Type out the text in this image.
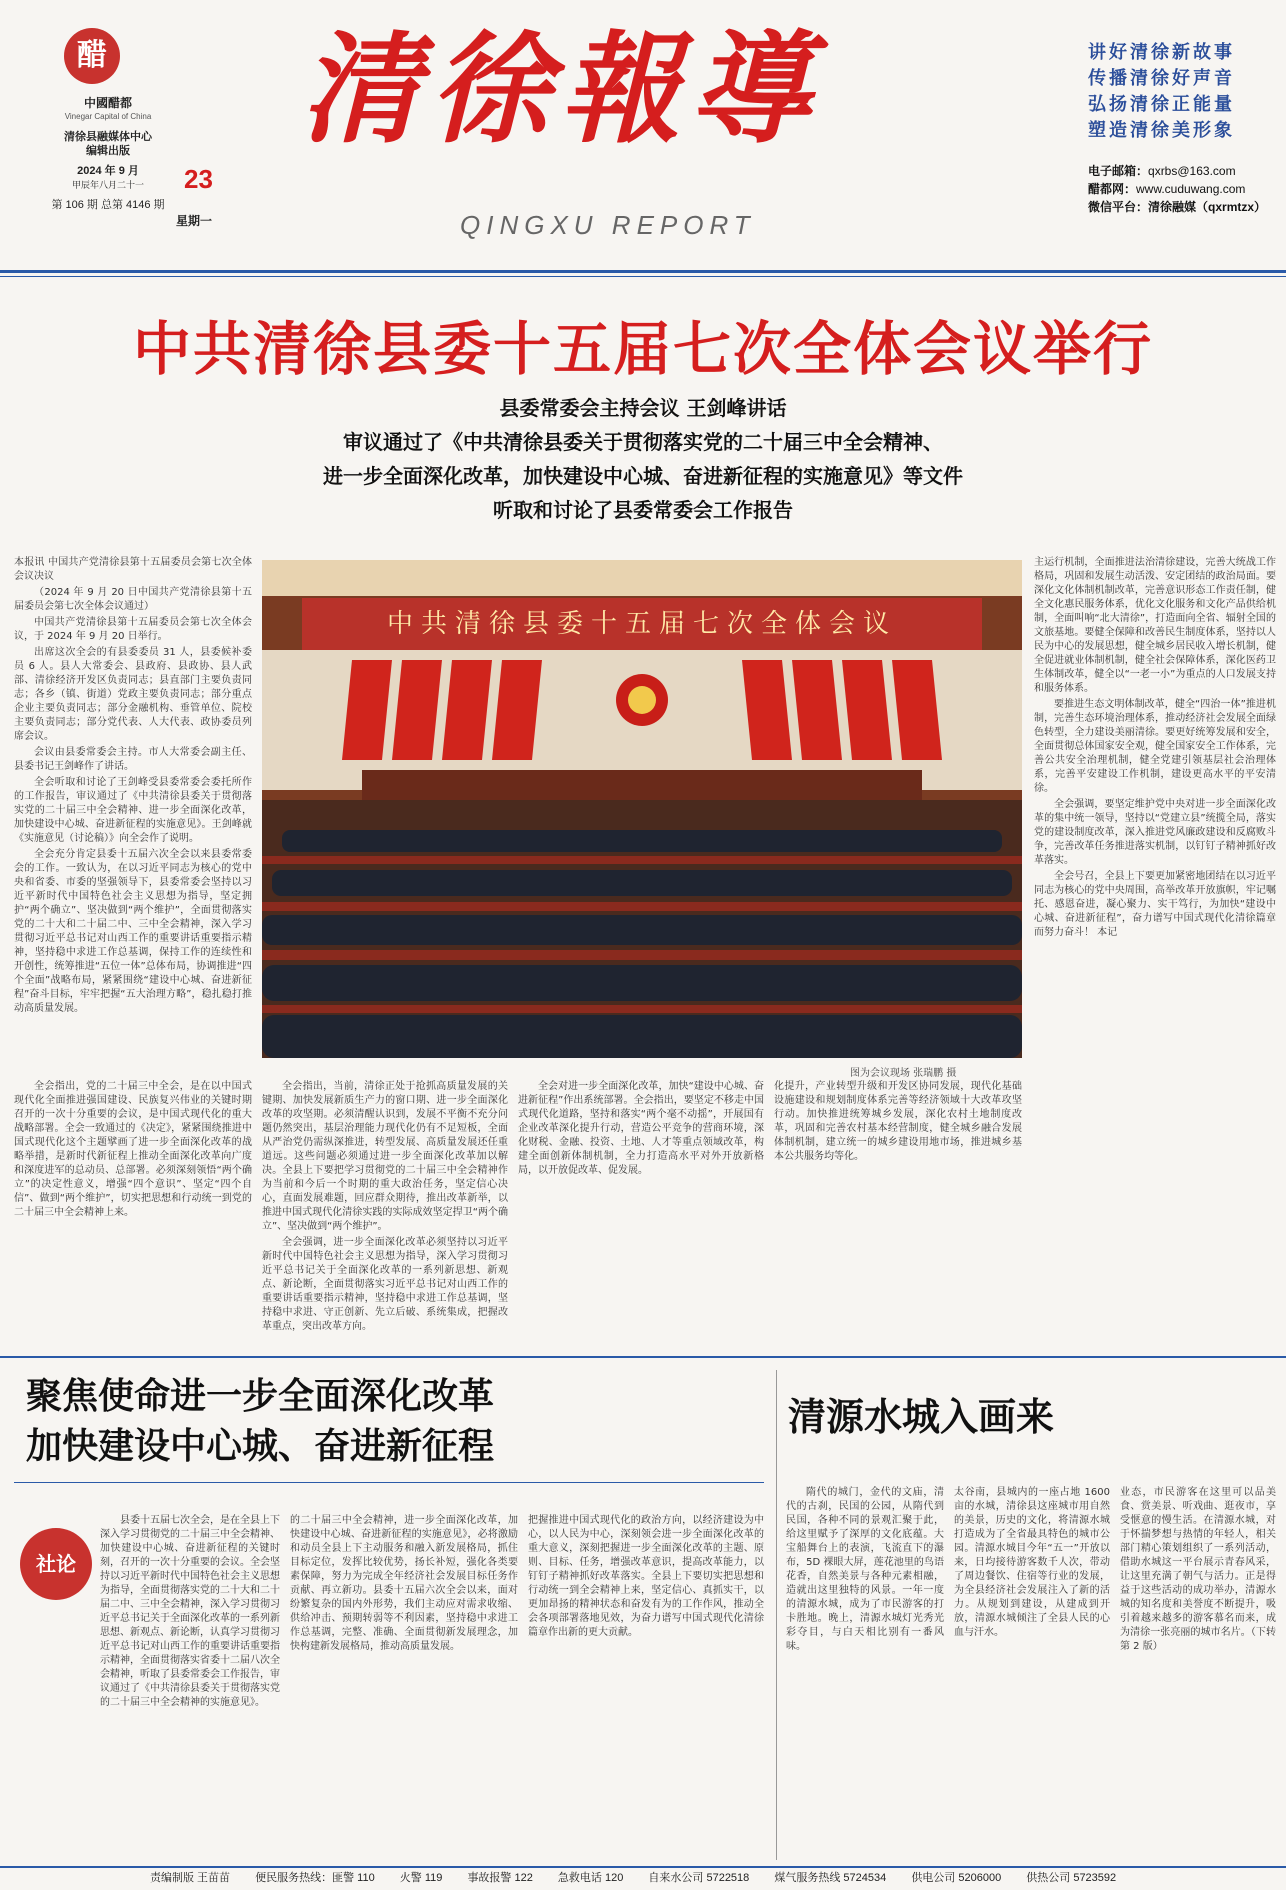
醋
中國醋都
Vinegar Capital of China
清徐县融媒体中心
编辑出版
2024 年 9 月
甲辰年八月二十一
第 106 期 总第 4146 期
23
星期一
清徐報導
QINGXU REPORT
讲好清徐新故事
传播清徐好声音
弘扬清徐正能量
塑造清徐美形象
电子邮箱：qxrbs@163.com
醋都网：www.cuduwang.com
微信平台：清徐融媒（qxrmtzx）
中共清徐县委十五届七次全体会议举行
县委常委会主持会议 王剑峰讲话
审议通过了《中共清徐县委关于贯彻落实党的二十届三中全会精神、
进一步全面深化改革，加快建设中心城、奋进新征程的实施意见》等文件
听取和讨论了县委常委会工作报告

本报讯 中国共产党清徐县第十五届委员会第七次全体会议决议

（2024 年 9 月 20 日中国共产党清徐县第十五届委员会第七次全体会议通过）

中国共产党清徐县第十五届委员会第七次全体会议，于 2024 年 9 月 20 日举行。

出席这次全会的有县委委员 31 人，县委候补委员 6 人。县人大常委会、县政府、县政协、县人武部、清徐经济开发区负责同志；县直部门主要负责同志；各乡（镇、街道）党政主要负责同志；部分重点企业主要负责同志；部分金融机构、垂管单位、院校主要负责同志；部分党代表、人大代表、政协委员列席会议。

会议由县委常委会主持。市人大常委会副主任、县委书记王剑峰作了讲话。

全会听取和讨论了王剑峰受县委常委会委托所作的工作报告，审议通过了《中共清徐县委关于贯彻落实党的二十届三中全会精神、进一步全面深化改革，加快建设中心城、奋进新征程的实施意见》。王剑峰就《实施意见（讨论稿）》向全会作了说明。

全会充分肯定县委十五届六次全会以来县委常委会的工作。一致认为，在以习近平同志为核心的党中央和省委、市委的坚强领导下，县委常委会坚持以习近平新时代中国特色社会主义思想为指导，坚定拥护“两个确立”、坚决做到“两个维护”，全面贯彻落实党的二十大和二十届二中、三中全会精神，深入学习贯彻习近平总书记对山西工作的重要讲话重要指示精神，坚持稳中求进工作总基调，保持工作的连续性和开创性，统筹推进“五位一体”总体布局，协调推进“四个全面”战略布局，紧紧围绕“建设中心城、奋进新征程”奋斗目标，牢牢把握“五大治理方略”，稳扎稳打推动高质量发展。

中共清徐县委十五届七次全体会议
图为会议现场 张瑞鹏 摄

主运行机制，全面推进法治清徐建设，完善大统战工作格局，巩固和发展生动活泼、安定团结的政治局面。要深化文化体制机制改革，完善意识形态工作责任制，健全文化惠民服务体系，优化文化服务和文化产品供给机制，全面叫响“北大清徐”，打造面向全省、辐射全国的文旅基地。要健全保障和改善民生制度体系，坚持以人民为中心的发展思想，健全城乡居民收入增长机制，健全促进就业体制机制，健全社会保障体系，深化医药卫生体制改革，健全以“一老一小”为重点的人口发展支持和服务体系。

要推进生态文明体制改革，健全“四治一体”推进机制，完善生态环境治理体系，推动经济社会发展全面绿色转型，全力建设美丽清徐。要更好统筹发展和安全，全面贯彻总体国家安全观，健全国家安全工作体系，完善公共安全治理机制，健全党建引领基层社会治理体系，完善平安建设工作机制，建设更高水平的平安清徐。

全会强调，要坚定维护党中央对进一步全面深化改革的集中统一领导，坚持以“党建立县”统揽全局，落实党的建设制度改革，深入推进党风廉政建设和反腐败斗争，完善改革任务推进落实机制，以钉钉子精神抓好改革落实。

全会号召，全县上下要更加紧密地团结在以习近平同志为核心的党中央周围，高举改革开放旗帜，牢记嘱托、感恩奋进，凝心聚力、实干笃行，为加快“建设中心城、奋进新征程”，奋力谱写中国式现代化清徐篇章而努力奋斗！ 本记

全会指出，党的二十届三中全会，是在以中国式现代化全面推进强国建设、民族复兴伟业的关键时期召开的一次十分重要的会议，是中国式现代化的重大战略部署。全会一致通过的《决定》，紧紧围绕推进中国式现代化这个主题擘画了进一步全面深化改革的战略举措，是新时代新征程上推动全面深化改革向广度和深度进军的总动员、总部署。必须深刻领悟“两个确立”的决定性意义，增强“四个意识”、坚定“四个自信”、做到“两个维护”，切实把思想和行动统一到党的二十届三中全会精神上来。

全会指出，当前，清徐正处于抢抓高质量发展的关键期、加快发展新质生产力的窗口期、进一步全面深化改革的攻坚期。必须清醒认识到，发展不平衡不充分问题仍然突出，基层治理能力现代化仍有不足短板，全面从严治党仍需纵深推进，转型发展、高质量发展还任重道远。这些问题必须通过进一步全面深化改革加以解决。全县上下要把学习贯彻党的二十届三中全会精神作为当前和今后一个时期的重大政治任务，坚定信心决心，直面发展难题，回应群众期待，推出改革新举，以推进中国式现代化清徐实践的实际成效坚定捍卫“两个确立”、坚决做到“两个维护”。

全会强调，进一步全面深化改革必须坚持以习近平新时代中国特色社会主义思想为指导，深入学习贯彻习近平总书记关于全面深化改革的一系列新思想、新观点、新论断，全面贯彻落实习近平总书记对山西工作的重要讲话重要指示精神，坚持稳中求进工作总基调，坚持稳中求进、守正创新、先立后破、系统集成，把握改革重点，突出改革方向。

全会对进一步全面深化改革，加快“建设中心城、奋进新征程”作出系统部署。全会指出，要坚定不移走中国式现代化道路，坚持和落实“两个毫不动摇”，开展国有企业改革深化提升行动，营造公平竞争的营商环境，深化财税、金融、投资、土地、人才等重点领域改革，构建全面创新体制机制，全力打造高水平对外开放新格局，以开放促改革、促发展。

化提升，产业转型升级和开发区协同发展，现代化基础设施建设和规划制度体系完善等经济领域十大改革攻坚行动。加快推进统筹城乡发展，深化农村土地制度改革，巩固和完善农村基本经营制度，健全城乡融合发展体制机制，建立统一的城乡建设用地市场，推进城乡基本公共服务均等化。

聚焦使命进一步全面深化改革
加快建设中心城、奋进新征程
社论

县委十五届七次全会，是在全县上下深入学习贯彻党的二十届三中全会精神、加快建设中心城、奋进新征程的关键时刻，召开的一次十分重要的会议。全会坚持以习近平新时代中国特色社会主义思想为指导，全面贯彻落实党的二十大和二十届二中、三中全会精神，深入学习贯彻习近平总书记关于全面深化改革的一系列新思想、新观点、新论断，认真学习贯彻习近平总书记对山西工作的重要讲话重要指示精神，全面贯彻落实省委十二届八次全会精神，听取了县委常委会工作报告，审议通过了《中共清徐县委关于贯彻落实党的二十届三中全会精神的实施意见》。

的二十届三中全会精神，进一步全面深化改革，加快建设中心城、奋进新征程的实施意见》，必将激励和动员全县上下主动服务和融入新发展格局，抓住目标定位，发挥比较优势，扬长补短，强化各类要素保障，努力为完成全年经济社会发展目标任务作贡献、再立新功。县委十五届六次全会以来，面对纷繁复杂的国内外形势，我们主动应对需求收缩、供给冲击、预期转弱等不利因素，坚持稳中求进工作总基调，完整、准确、全面贯彻新发展理念，加快构建新发展格局，推动高质量发展。

把握推进中国式现代化的政治方向，以经济建设为中心，以人民为中心，深刻领会进一步全面深化改革的重大意义，深刻把握进一步全面深化改革的主题、原则、目标、任务，增强改革意识，提高改革能力，以钉钉子精神抓好改革落实。全县上下要切实把思想和行动统一到全会精神上来，坚定信心、真抓实干，以更加昂扬的精神状态和奋发有为的工作作风，推动全会各项部署落地见效，为奋力谱写中国式现代化清徐篇章作出新的更大贡献。

清源水城入画来

隋代的城门，金代的文庙，清代的古刹，民国的公园，从隋代到民国，各种不同的景观汇聚于此，给这里赋予了深厚的文化底蕴。大宝船舞台上的表演，飞流直下的瀑布，5D 裸眼大屏，莲花池里的鸟语花香，自然美景与各种元素相融，造就出这里独特的风景。一年一度的清源水城，成为了市民游客的打卡胜地。晚上，清源水城灯光秀光彩夺目，与白天相比别有一番风味。

太谷南，县城内的一座占地 1600 亩的水城，清徐县这座城市用自然的美景，历史的文化，将清源水城打造成为了全省最具特色的城市公园。清源水城目今年“五一”开放以来，日均接待游客数千人次，带动了周边餐饮、住宿等行业的发展，为全县经济社会发展注入了新的活力。从规划到建设，从建成到开放，清源水城倾注了全县人民的心血与汗水。

业态，市民游客在这里可以品美食、赏美景、听戏曲、逛夜市，享受惬意的慢生活。在清源水城，对于怀揣梦想与热情的年轻人，相关部门精心策划组织了一系列活动，借助水城这一平台展示青春风采，让这里充满了朝气与活力。正是得益于这些活动的成功举办，清源水城的知名度和美誉度不断提升，吸引着越来越多的游客慕名而来，成为清徐一张亮丽的城市名片。（下转第 2 版）

责编制版 王苗苗 便民服务热线：匪警 110 火警 119 事故报警 122 急救电话 120 自来水公司 5722518 煤气服务热线 5724534 供电公司 5206000 供热公司 5723592
